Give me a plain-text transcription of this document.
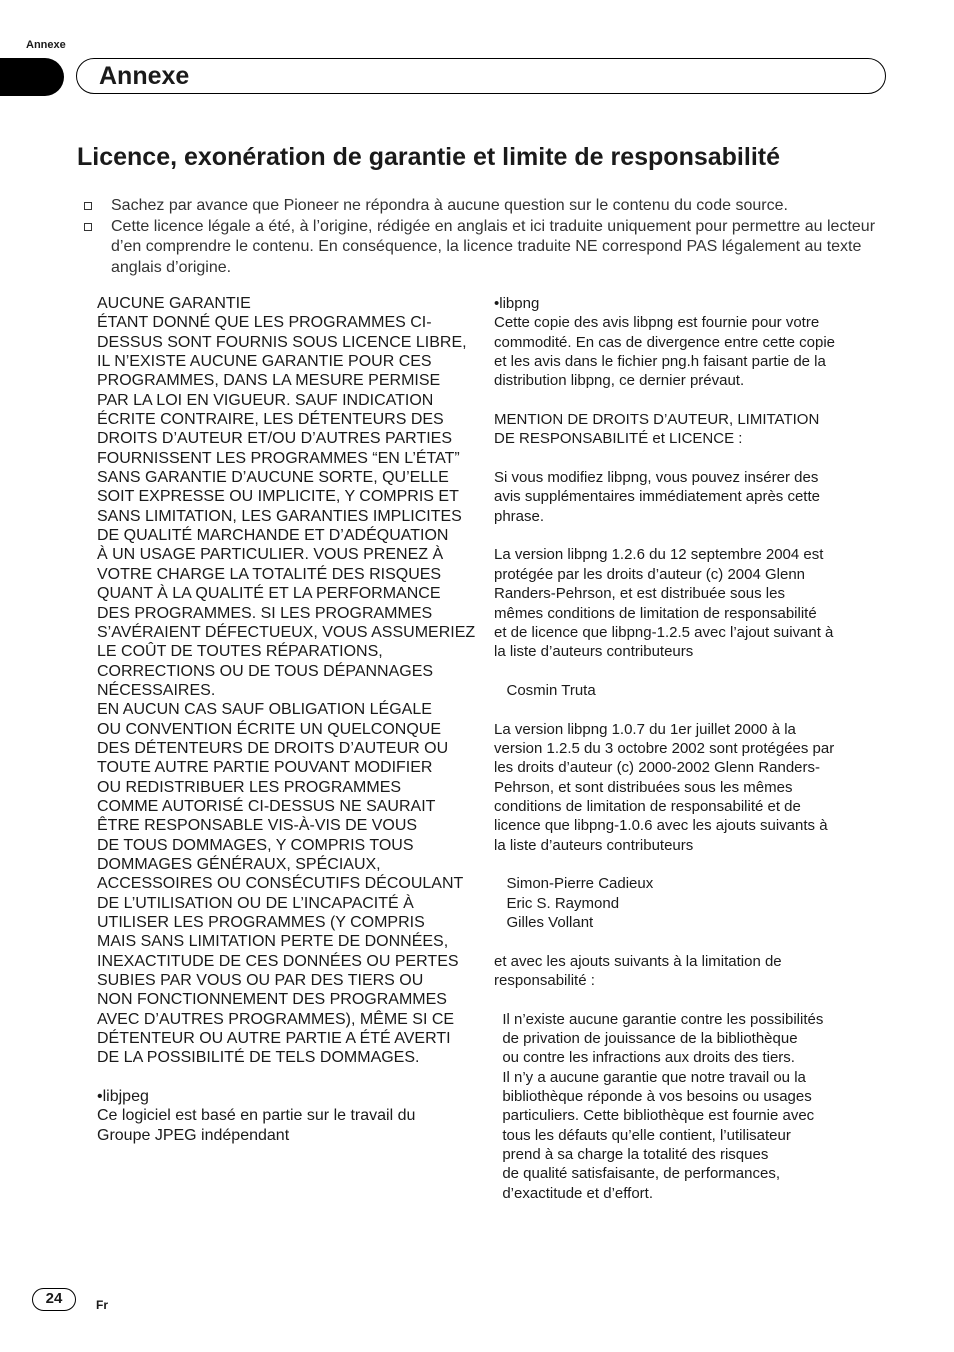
Annexe
Annexe
Licence, exonération de garantie et limite de responsabilité
Sachez par avance que Pioneer ne répondra à aucune question sur le contenu du code source.
Cette licence légale a été, à l’origine, rédigée en anglais et ici traduite uniquement pour permettre au lecteur d’en comprendre le contenu. En conséquence, la licence traduite NE correspond PAS légalement au texte anglais d’origine.

AUCUNE GARANTIE
ÉTANT DONNÉ QUE LES PROGRAMMES CI-
DESSUS SONT FOURNIS SOUS LICENCE LIBRE,
IL N’EXISTE AUCUNE GARANTIE POUR CES
PROGRAMMES, DANS LA MESURE PERMISE
PAR LA LOI EN VIGUEUR. SAUF INDICATION
ÉCRITE CONTRAIRE, LES DÉTENTEURS DES
DROITS D’AUTEUR ET/OU D’AUTRES PARTIES
FOURNISSENT LES PROGRAMMES “EN L’ÉTAT”
SANS GARANTIE D’AUCUNE SORTE, QU’ELLE
SOIT EXPRESSE OU IMPLICITE, Y COMPRIS ET
SANS LIMITATION, LES GARANTIES IMPLICITES
DE QUALITÉ MARCHANDE ET D’ADÉQUATION
À UN USAGE PARTICULIER. VOUS PRENEZ À
VOTRE CHARGE LA TOTALITÉ DES RISQUES
QUANT À LA QUALITÉ ET LA PERFORMANCE
DES PROGRAMMES. SI LES PROGRAMMES
S’AVÉRAIENT DÉFECTUEUX, VOUS ASSUMERIEZ
LE COÛT DE TOUTES RÉPARATIONS,
CORRECTIONS OU DE TOUS DÉPANNAGES
NÉCESSAIRES.
EN AUCUN CAS SAUF OBLIGATION LÉGALE
OU CONVENTION ÉCRITE UN QUELCONQUE
DES DÉTENTEURS DE DROITS D’AUTEUR OU
TOUTE AUTRE PARTIE POUVANT MODIFIER
OU REDISTRIBUER LES PROGRAMMES
COMME AUTORISÉ CI-DESSUS NE SAURAIT
ÊTRE RESPONSABLE VIS-À-VIS DE VOUS
DE TOUS DOMMAGES, Y COMPRIS TOUS
DOMMAGES GÉNÉRAUX, SPÉCIAUX,
ACCESSOIRES OU CONSÉCUTIFS DÉCOULANT
DE L’UTILISATION OU DE L’INCAPACITÉ À
UTILISER LES PROGRAMMES (Y COMPRIS
MAIS SANS LIMITATION PERTE DE DONNÉES,
INEXACTITUDE DE CES DONNÉES OU PERTES
SUBIES PAR VOUS OU PAR DES TIERS OU
NON FONCTIONNEMENT DES PROGRAMMES
AVEC D’AUTRES PROGRAMMES), MÊME SI CE
DÉTENTEUR OU AUTRE PARTIE A ÉTÉ AVERTI
DE LA POSSIBILITÉ DE TELS DOMMAGES.

•libjpeg
Ce logiciel est basé en partie sur le travail du
Groupe JPEG indépendant

•libpng
Cette copie des avis libpng est fournie pour votre
commodité. En cas de divergence entre cette copie
et les avis dans le fichier png.h faisant partie de la
distribution libpng, ce dernier prévaut.

MENTION DE DROITS D’AUTEUR, LIMITATION
DE RESPONSABILITÉ et LICENCE :

Si vous modifiez libpng, vous pouvez insérer des
avis supplémentaires immédiatement après cette
phrase.

La version libpng 1.2.6 du 12 septembre 2004 est
protégée par les droits d’auteur (c) 2004 Glenn
Randers-Pehrson, et est distribuée sous les
mêmes conditions de limitation de responsabilité
et de licence que libpng-1.2.5 avec l’ajout suivant à
la liste d’auteurs contributeurs

Cosmin Truta

La version libpng 1.0.7 du 1er juillet 2000 à la
version 1.2.5 du 3 octobre 2002 sont protégées par
les droits d’auteur (c) 2000-2002 Glenn Randers-
Pehrson, et sont distribuées sous les mêmes
conditions de limitation de responsabilité et de
licence que libpng-1.0.6 avec les ajouts suivants à
la liste d’auteurs contributeurs

Simon-Pierre Cadieux
Eric S. Raymond
Gilles Vollant

et avec les ajouts suivants à la limitation de
responsabilité :

Il n’existe aucune garantie contre les possibilités
de privation de jouissance de la bibliothèque
ou contre les infractions aux droits des tiers.
Il n’y a aucune garantie que notre travail ou la
bibliothèque réponde à vos besoins ou usages
particuliers. Cette bibliothèque est fournie avec
tous les défauts qu’elle contient, l’utilisateur
prend à sa charge la totalité des risques
de qualité satisfaisante, de performances,
d’exactitude et d’effort.

24	Fr
